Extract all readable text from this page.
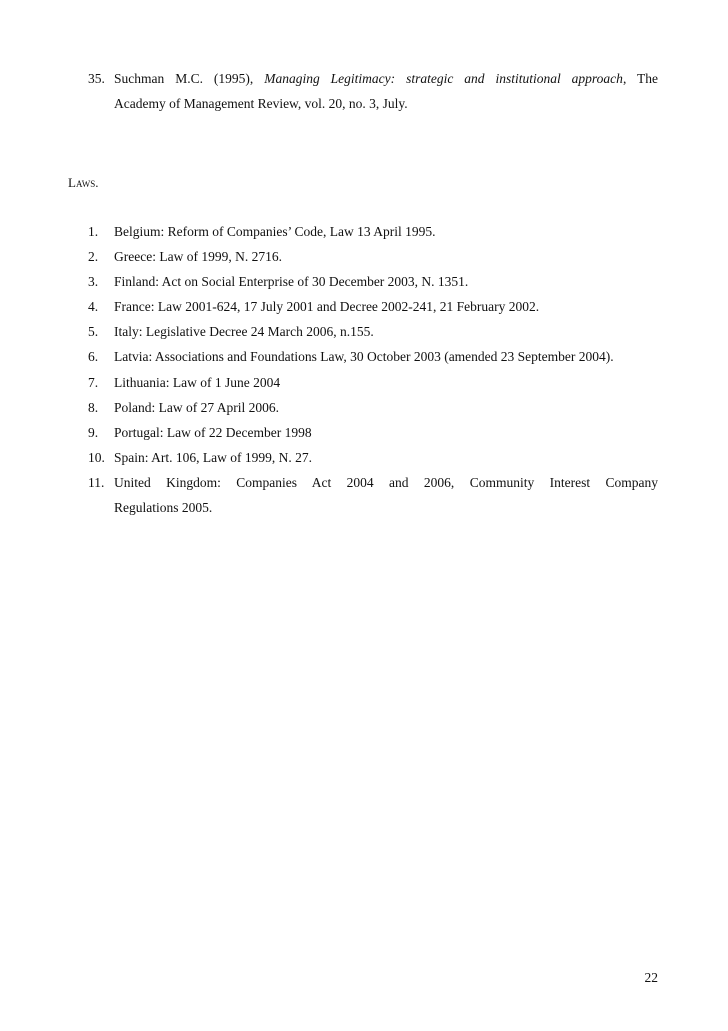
35. Suchman M.C. (1995), Managing Legitimacy: strategic and institutional approach, The
Academy of Management Review, vol. 20, no. 3, July.
Laws.
1.	Belgium: Reform of Companies’ Code, Law 13 April 1995.
2.	Greece: Law of 1999, N. 2716.
3.	Finland: Act on Social Enterprise of 30 December 2003, N. 1351.
4.	France: Law 2001-624, 17 July 2001 and Decree 2002-241, 21 February 2002.
5.	Italy: Legislative Decree 24 March 2006, n.155.
6.	Latvia: Associations and Foundations Law, 30 October 2003 (amended 23 September 2004).
7.	Lithuania: Law of 1 June 2004
8.	Poland: Law of 27 April 2006.
9.	Portugal: Law of 22 December 1998
10. Spain: Art. 106, Law of 1999, N. 27.
11. United Kingdom: Companies Act 2004 and 2006, Community Interest Company
Regulations 2005.
22
